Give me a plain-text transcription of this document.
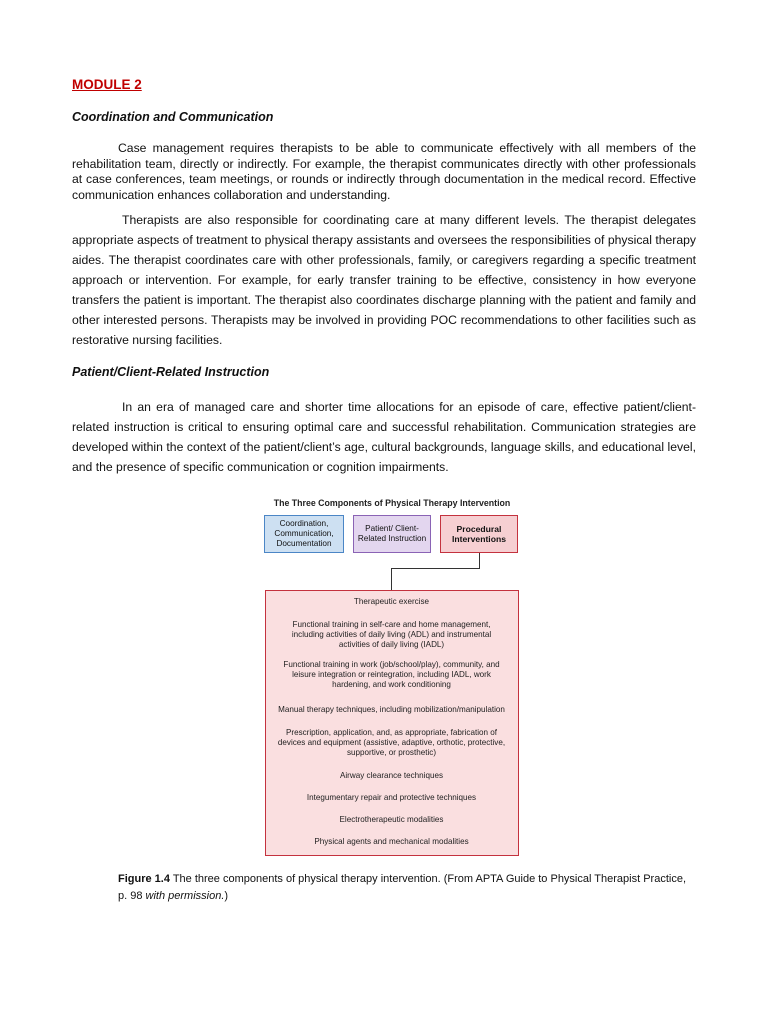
MODULE 2
Coordination and Communication

Case management requires therapists to be able to communicate effectively with all members of the rehabilitation team, directly or indirectly. For example, the therapist communicates directly with other professionals at case conferences, team meetings, or rounds or indirectly through documentation in the medical record. Effective communication enhances collaboration and understanding.

Therapists are also responsible for coordinating care at many different levels. The therapist delegates appropriate aspects of treatment to physical therapy assistants and oversees the responsibilities of physical therapy aides. The therapist coordinates care with other professionals, family, or caregivers regarding a specific treatment approach or intervention. For example, for early transfer training to be effective, consistency in how everyone transfers the patient is important. The therapist also coordinates discharge planning with the patient and family and other interested persons. Therapists may be involved in providing POC recommendations to other facilities such as restorative nursing facilities.

Patient/Client-Related Instruction

In an era of managed care and shorter time allocations for an episode of care, effective patient/client-related instruction is critical to ensuring optimal care and successful rehabilitation. Communication strategies are developed within the context of the patient/client’s age, cultural backgrounds, language skills, and educational level, and the presence of specific communication or cognition impairments.

Figure 1.4 The three components of physical therapy intervention. (From APTA Guide to Physical Therapist Practice, p. 98 with permission.)
The Three Components of Physical Therapy Intervention
Coordination, Communication, Documentation
Patient/ Client-Related Instruction
Procedural Interventions
Therapeutic exercise
Functional training in self-care and home management, including activities of daily living (ADL) and instrumental activities of daily living (IADL)
Functional training in work (job/school/play), community, and leisure integration or reintegration, including IADL, work hardening, and work conditioning
Manual therapy techniques, including mobilization/manipulation
Prescription, application, and, as appropriate, fabrication of devices and equipment (assistive, adaptive, orthotic, protective, supportive, or prosthetic)
Airway clearance techniques
Integumentary repair and protective techniques
Electrotherapeutic modalities
Physical agents and mechanical modalities
